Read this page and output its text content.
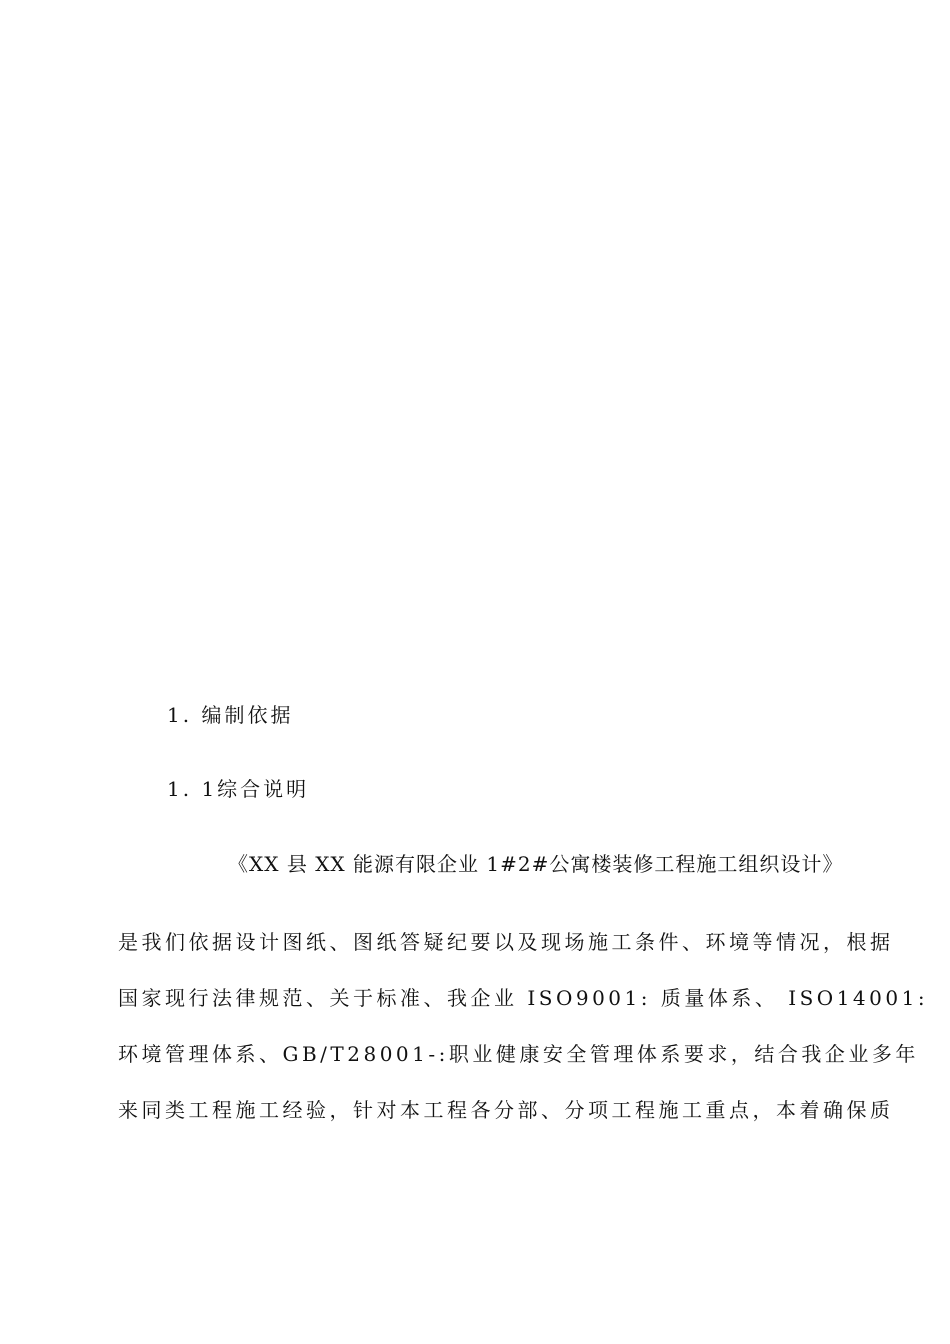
1. 编制依据
1. 1综合说明
《XX 县 XX 能源有限企业 1#2#公寓楼装修工程施工组织设计》
是我们依据设计图纸、图纸答疑纪要以及现场施工条件、环境等情况，根据
国家现行法律规范、关于标准、我企业 ISO9001: 质量体系、 ISO14001:
环境管理体系、GB/T28001-:职业健康安全管理体系要求，结合我企业多年
来同类工程施工经验，针对本工程各分部、分项工程施工重点，本着确保质
